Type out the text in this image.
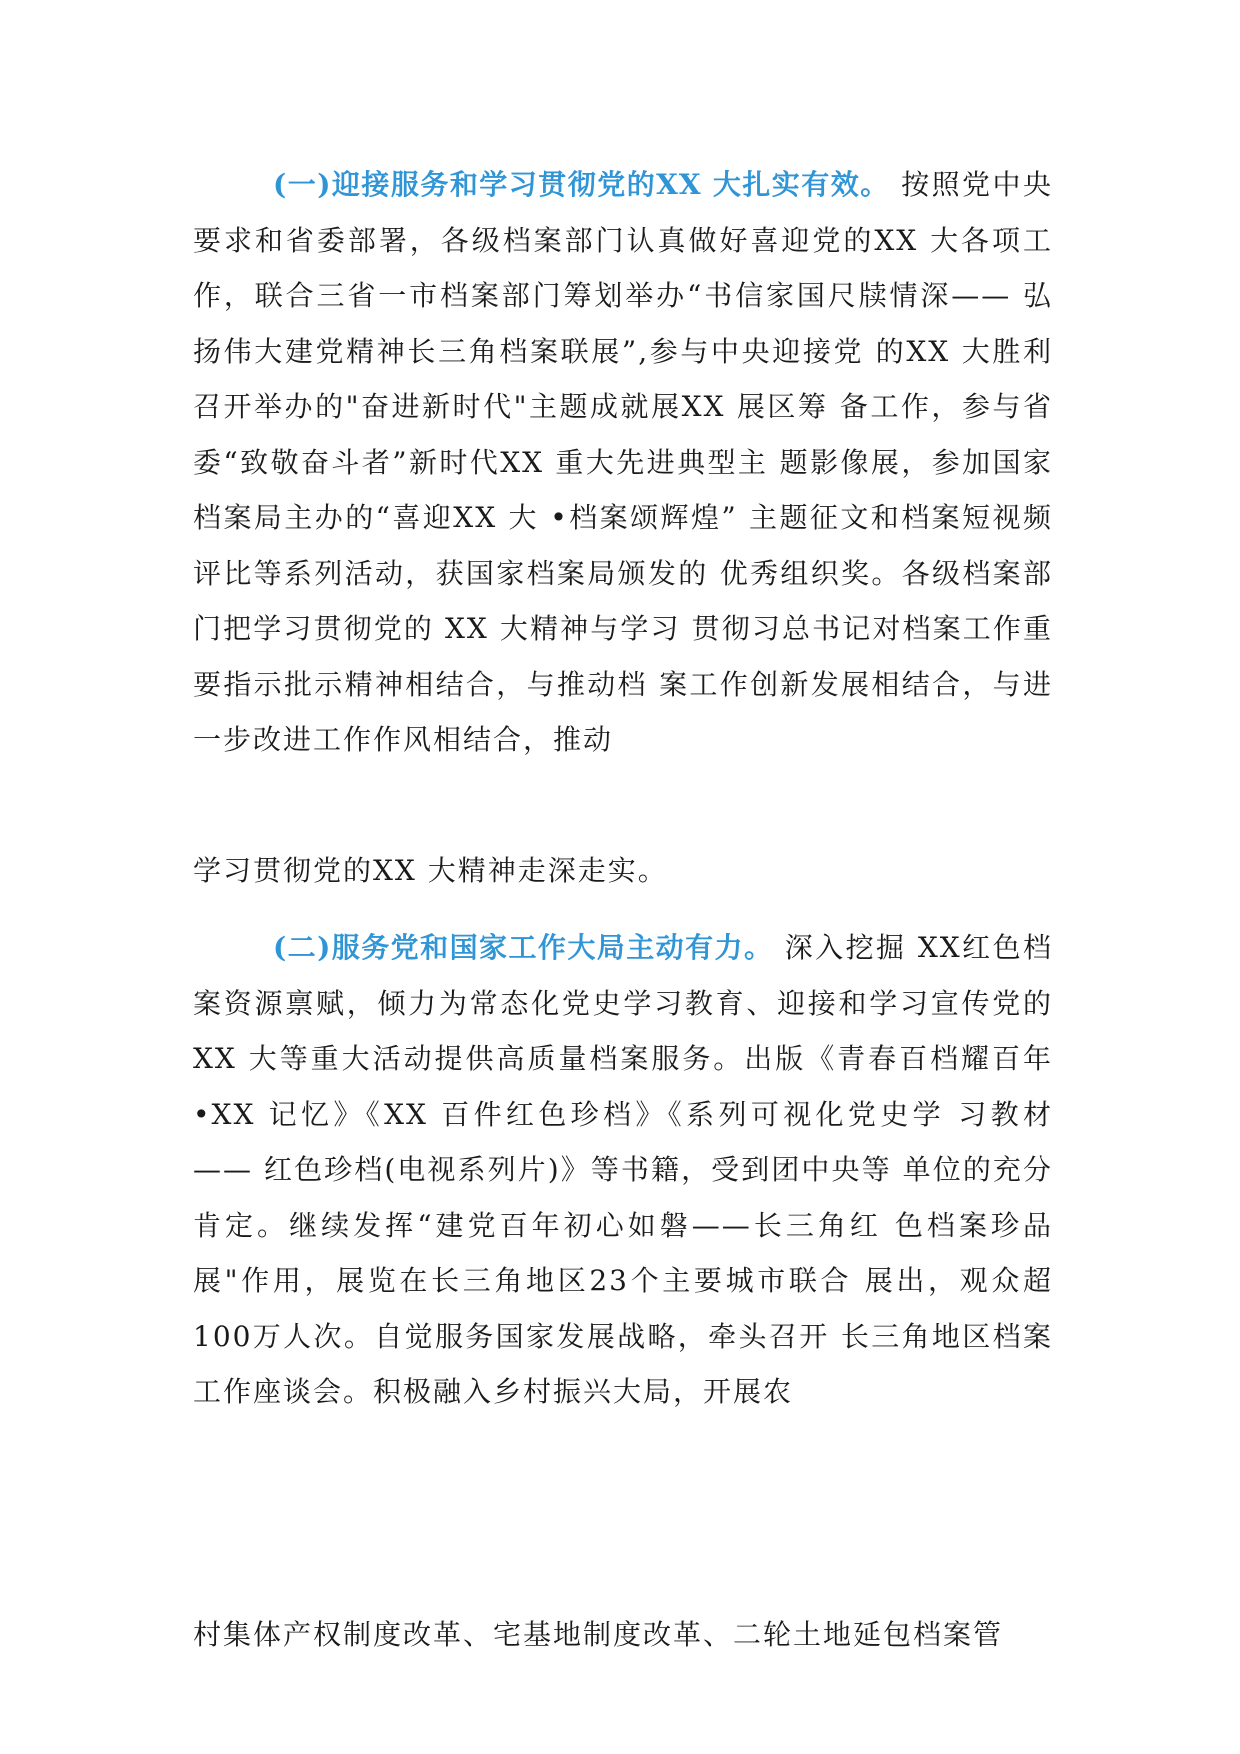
(一)迎接服务和学习贯彻党的XX 大扎实有效。 按照党中央要求和省委部署，各级档案部门认真做好喜迎党的XX 大各项工作，联合三省一市档案部门筹划举办“书信家国尺牍情深—— 弘扬伟大建党精神长三角档案联展”,参与中央迎接党 的XX 大胜利召开举办的"奋进新时代"主题成就展XX 展区筹 备工作，参与省委“致敬奋斗者”新时代XX 重大先进典型主 题影像展，参加国家档案局主办的“喜迎XX 大 •档案颂辉煌” 主题征文和档案短视频评比等系列活动，获国家档案局颁发的 优秀组织奖。各级档案部门把学习贯彻党的 XX 大精神与学习 贯彻习总书记对档案工作重要指示批示精神相结合，与推动档 案工作创新发展相结合，与进一步改进工作作风相结合，推动

学习贯彻党的XX 大精神走深走实。

(二)服务党和国家工作大局主动有力。 深入挖掘 XX红色档案资源禀赋，倾力为常态化党史学习教育、迎接和学习宣传党的XX 大等重大活动提供高质量档案服务。出版《青春百档耀百年 •XX 记忆》《XX 百件红色珍档》《系列可视化党史学 习教材—— 红色珍档(电视系列片)》等书籍，受到团中央等 单位的充分肯定。继续发挥“建党百年初心如磐——长三角红 色档案珍品展"作用，展览在长三角地区23个主要城市联合 展出，观众超100万人次。自觉服务国家发展战略，牵头召开 长三角地区档案工作座谈会。积极融入乡村振兴大局，开展农

村集体产权制度改革、宅基地制度改革、二轮土地延包档案管
